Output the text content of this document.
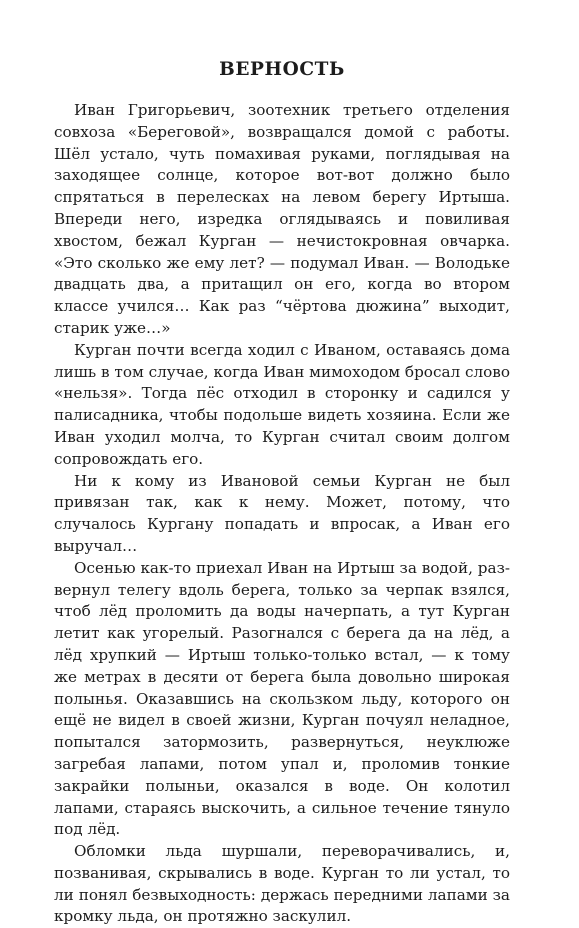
ВЕРНОСТЬ

Иван Григорьевич, зоотехник третьего отделения совхоза «Береговой», возвращался домой с работы. Шёл устало, чуть помахивая руками, поглядывая на заходящее солнце, которое вот-вот должно было спрятаться в перелесках на левом берегу Иртыша. Впереди него, изредка оглядываясь и повиливая хвостом, бежал Курган — нечистокровная овчарка. «Это сколько же ему лет? — подумал Иван. — Володьке двадцать два, а притащил он его, когда во втором классе учился… Как раз “чёртова дюжина” выходит, старик уже…»

Курган почти всегда ходил с Иваном, оставаясь дома лишь в том случае, когда Иван мимоходом бросал слово «нельзя». Тогда пёс отходил в сторонку и садился у палисадника, чтобы подольше видеть хозяина. Если же Иван уходил молча, то Курган считал своим долгом сопровождать его.

Ни к кому из Ивановой семьи Курган не был привязан так, как к нему. Может, потому, что случалось Кургану попадать и впросак, а Иван его выручал…

Осенью как-то приехал Иван на Иртыш за водой, развернул телегу вдоль берега, только за черпак взялся, чтоб лёд проломить да воды начерпать, а тут Курган летит как угорелый. Разогнался с берега да на лёд, а лёд хрупкий — Иртыш только-только встал, — к тому же метрах в десяти от берега была довольно широкая полынья. Оказавшись на скользком льду, которого он ещё не видел в своей жизни, Курган почуял неладное, попытался затормозить, развернуться, неуклюже загребая лапами, потом упал и, проломив тонкие закрайки полыньи, оказался в воде. Он колотил лапами, стараясь выскочить, а сильное течение тянуло под лёд.

Обломки льда шуршали, переворачивались, и, позванивая, скрывались в воде. Курган то ли устал, то ли понял безвыходность: держась передними лапами за кромку льда, он протяжно заскулил.
